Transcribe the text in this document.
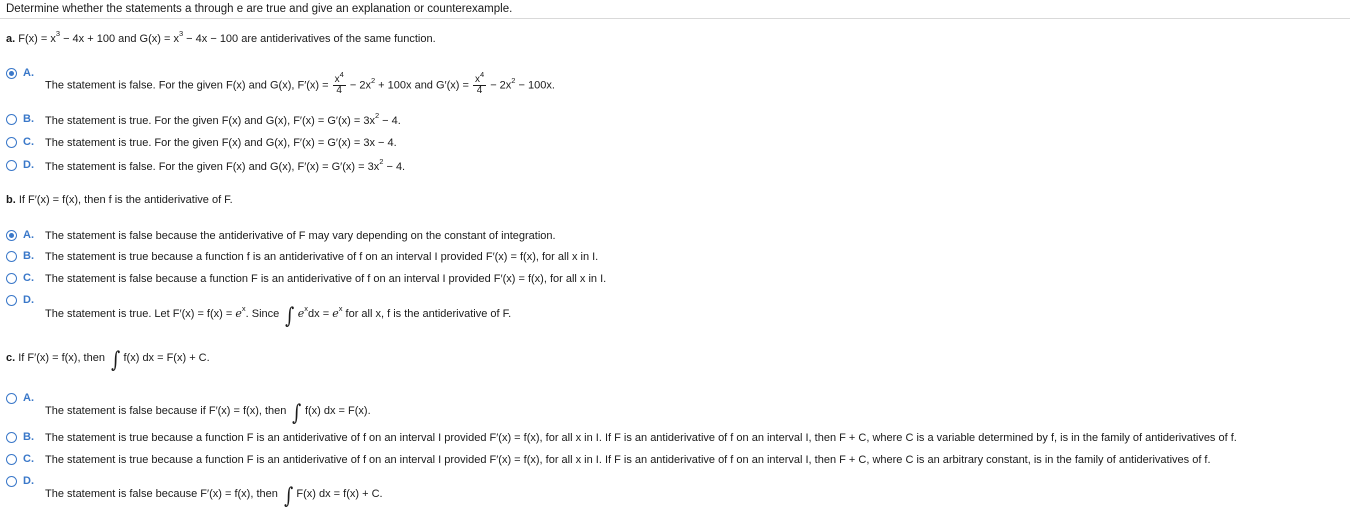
Determine whether the statements a through e are true and give an explanation or counterexample.
a. $F(x) = x^3 - 4x + 100$ and $G(x) = x^3 - 4x - 100$ are antiderivatives of the same function.
A.
The statement is false. For the given F(x) and G(x), $F'(x) = \frac{x^4}{4} - 2x^2 + 100x$ and $G'(x) = \frac{x^4}{4} - 2x^2 - 100x$.
B. The statement is true. For the given F(x) and G(x), $F'(x) = G'(x) = 3x^2 - 4$.
C. The statement is true. For the given F(x) and G(x), F′(x) = G′(x) = 3x − 4.
D. The statement is false. For the given F(x) and G(x), $F'(x) = G'(x) = 3x^2 - 4$.
b. If F′(x) = f(x), then f is the antiderivative of F.
A. The statement is false because the antiderivative of F may vary depending on the constant of integration.
B. The statement is true because a function f is an antiderivative of f on an interval I provided F′(x) = f(x), for all x in I.
C. The statement is false because a function F is an antiderivative of f on an interval I provided F′(x) = f(x), for all x in I.
D.
The statement is true. Let $F'(x) = f(x) = e^x$. Since ∫ $e^xdx = e^x$ for all x, f is the antiderivative of F.
c. If F′(x) = f(x), then ∫ f(x) dx = F(x) + C.
A.
The statement is false because if F′(x) = f(x), then ∫ f(x) dx = F(x).
B. The statement is true because a function F is an antiderivative of f on an interval I provided F′(x) = f(x), for all x in I. If F is an antiderivative of f on an interval I, then F + C, where C is a variable determined by f, is in the family of antiderivatives of f.
C. The statement is true because a function F is an antiderivative of f on an interval I provided F′(x) = f(x), for all x in I. If F is an antiderivative of f on an interval I, then F + C, where C is an arbitrary constant, is in the family of antiderivatives of f.
D.
The statement is false because F′(x) = f(x), then ∫ F(x) dx = f(x) + C.
